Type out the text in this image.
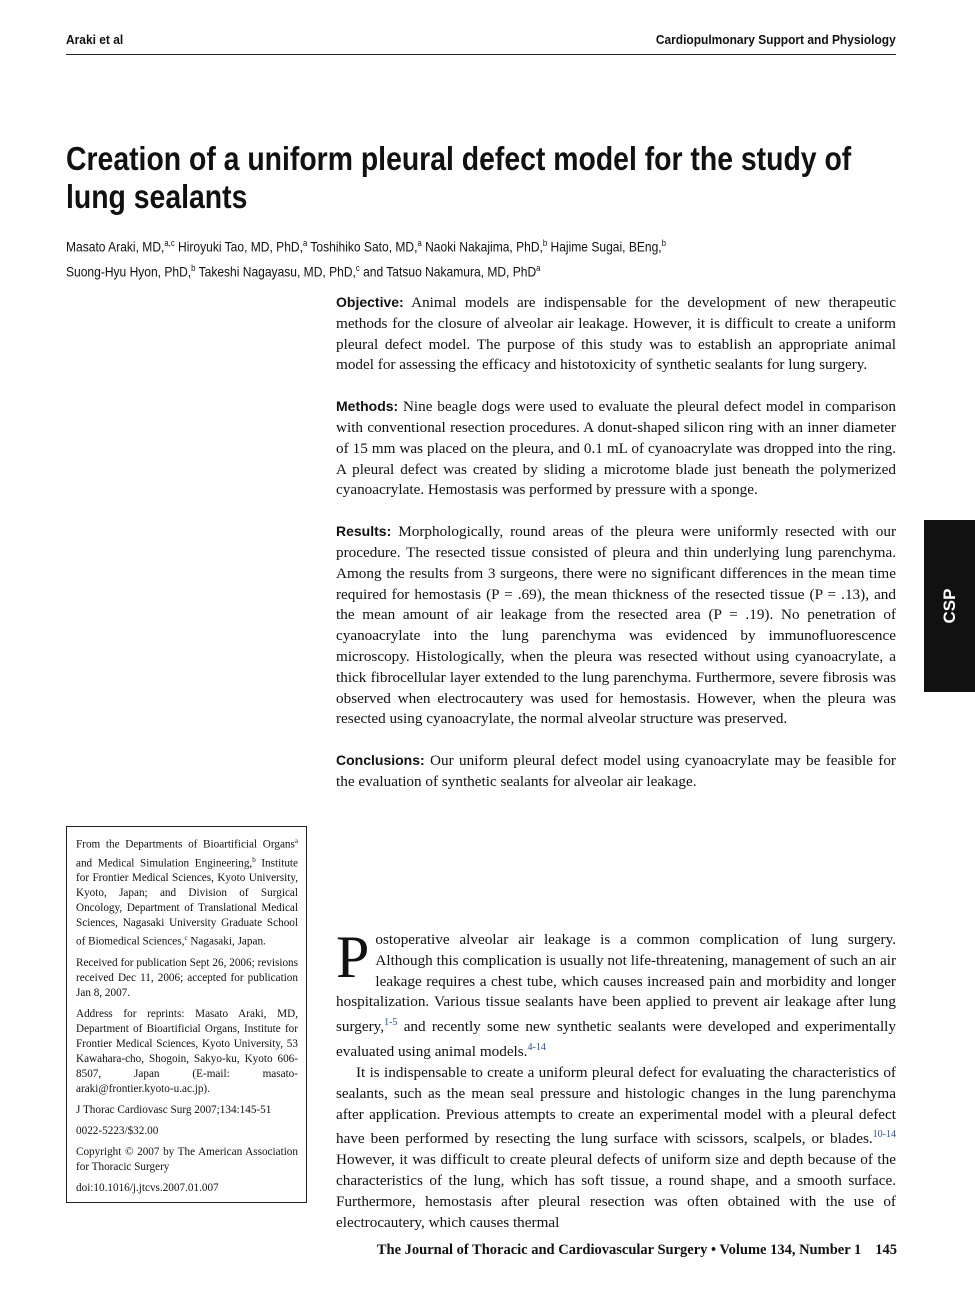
Araki et al	Cardiopulmonary Support and Physiology
Creation of a uniform pleural defect model for the study of lung sealants
Masato Araki, MD,$^{a,c}$ Hiroyuki Tao, MD, PhD,$^a$ Toshihiko Sato, MD,$^a$ Naoki Nakajima, PhD,$^b$ Hajime Sugai, BEng,$^b$
Suong-Hyu Hyon, PhD,$^b$ Takeshi Nagayasu, MD, PhD,$^c$ and Tatsuo Nakamura, MD, PhD$^a$

Objective: Animal models are indispensable for the development of new therapeutic methods for the closure of alveolar air leakage. However, it is difficult to create a uniform pleural defect model. The purpose of this study was to establish an appropriate animal model for assessing the efficacy and histotoxicity of synthetic sealants for lung surgery.

Methods: Nine beagle dogs were used to evaluate the pleural defect model in comparison with conventional resection procedures. A donut-shaped silicon ring with an inner diameter of 15 mm was placed on the pleura, and 0.1 mL of cyanoacrylate was dropped into the ring. A pleural defect was created by sliding a microtome blade just beneath the polymerized cyanoacrylate. Hemostasis was performed by pressure with a sponge.

Results: Morphologically, round areas of the pleura were uniformly resected with our procedure. The resected tissue consisted of pleura and thin underlying lung parenchyma. Among the results from 3 surgeons, there were no significant differences in the mean time required for hemostasis (P = .69), the mean thickness of the resected tissue (P = .13), and the mean amount of air leakage from the resected area (P = .19). No penetration of cyanoacrylate into the lung parenchyma was evidenced by immunofluorescence microscopy. Histologically, when the pleura was resected without using cyanoacrylate, a thick fibrocellular layer extended to the lung parenchyma. Furthermore, severe fibrosis was observed when electrocautery was used for hemostasis. However, when the pleura was resected using cyanoacrylate, the normal alveolar structure was preserved.

Conclusions: Our uniform pleural defect model using cyanoacrylate may be feasible for the evaluation of synthetic sealants for alveolar air leakage.

CSP

From the Departments of Bioartificial Organs$^a$ and Medical Simulation Engineering,$^b$ Institute for Frontier Medical Sciences, Kyoto University, Kyoto, Japan; and Division of Surgical Oncology, Department of Translational Medical Sciences, Nagasaki University Graduate School of Biomedical Sciences,$^c$ Nagasaki, Japan.

Received for publication Sept 26, 2006; revisions received Dec 11, 2006; accepted for publication Jan 8, 2007.

Address for reprints: Masato Araki, MD, Department of Bioartificial Organs, Institute for Frontier Medical Sciences, Kyoto University, 53 Kawahara-cho, Shogoin, Sakyo-ku, Kyoto 606-8507, Japan (E-mail: masato-araki@frontier.kyoto-u.ac.jp).

J Thorac Cardiovasc Surg 2007;134:145-51

0022-5223/$32.00

Copyright © 2007 by The American Association for Thoracic Surgery

doi:10.1016/j.jtcvs.2007.01.007

Postoperative alveolar air leakage is a common complication of lung surgery. Although this complication is usually not life-threatening, management of such an air leakage requires a chest tube, which causes increased pain and morbidity and longer hospitalization. Various tissue sealants have been applied to prevent air leakage after lung surgery,$^{1-5}$ and recently some new synthetic sealants were developed and experimentally evaluated using animal models.$^{4-14}$

It is indispensable to create a uniform pleural defect for evaluating the characteristics of sealants, such as the mean seal pressure and histologic changes in the lung parenchyma after application. Previous attempts to create an experimental model with a pleural defect have been performed by resecting the lung surface with scissors, scalpels, or blades.$^{10-14}$ However, it was difficult to create pleural defects of uniform size and depth because of the characteristics of the lung, which has soft tissue, a round shape, and a smooth surface. Furthermore, hemostasis after pleural resection was often obtained with the use of electrocautery, which causes thermal

The Journal of Thoracic and Cardiovascular Surgery • Volume 134, Number 1 145
